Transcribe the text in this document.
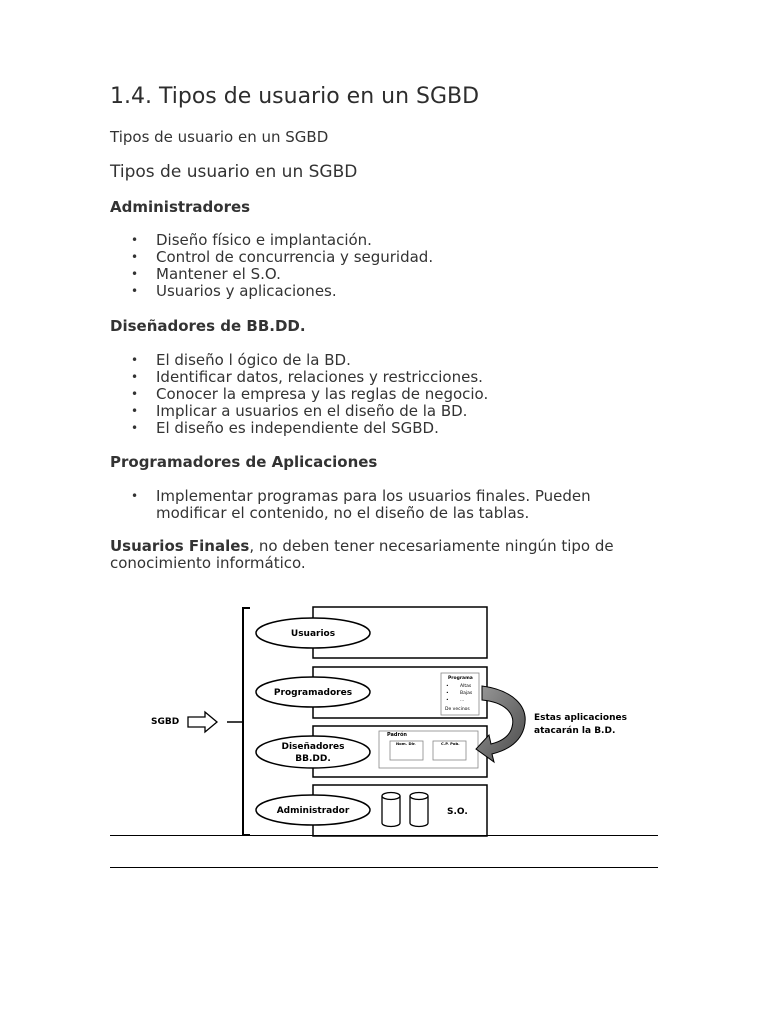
1.4. Tipos de usuario en un SGBD
Tipos de usuario en un SGBD
Tipos de usuario en un SGBD
Administradores
• Diseño físico e implantación.
• Control de concurrencia y seguridad.
• Mantener el S.O.
• Usuarios y aplicaciones.
Diseñadores de BB.DD.
• El diseño l ógico de la BD.
• Identificar datos, relaciones y restricciones.
• Conocer la empresa y las reglas de negocio.
• Implicar a usuarios en el diseño de la BD.
• El diseño es independiente del SGBD.
Programadores de Aplicaciones
• Implementar programas para los usuarios finales. Pueden modificar el contenido, no el diseño de las tablas.
Usuarios Finales, no deben tener necesariamente ningún tipo de conocimiento informático.
SGBD
Usuarios
Programadores
Diseñadores
BB.DD.
Administrador
Programa
•	Altas
•	Bajas
•	...
De vecinos
Padrón
Nom. Dir.	C.P. Pob.
Estas aplicaciones
atacarán la B.D.
S.O.
